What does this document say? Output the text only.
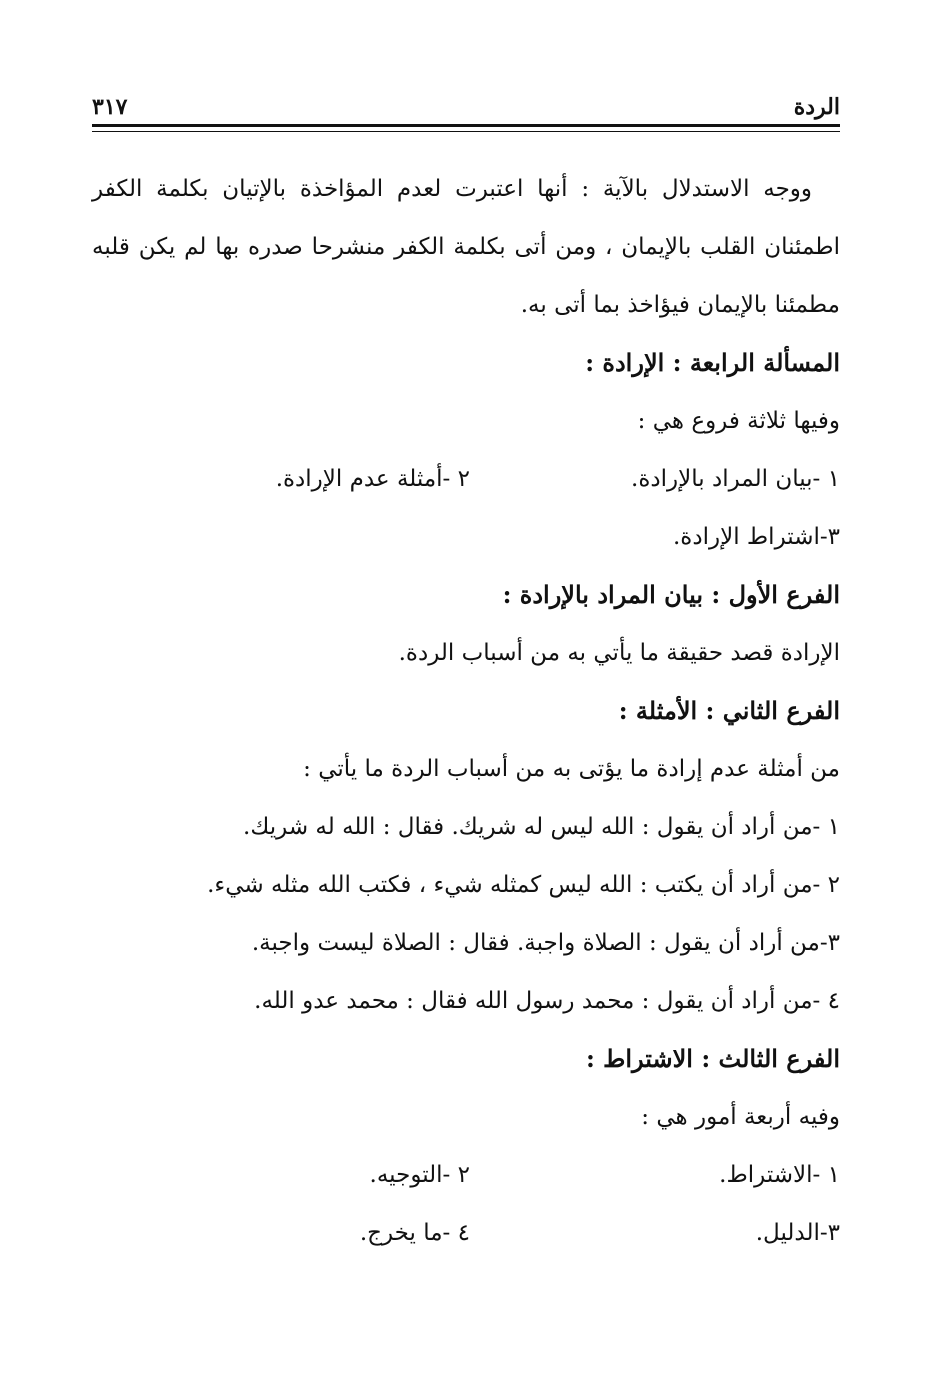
الردة
٣١٧
ووجه الاستدلال بالآية : أنها اعتبرت لعدم المؤاخذة بالإتيان بكلمة الكفر
اطمئنان القلب بالإيمان ، ومن أتى بكلمة الكفر منشرحا صدره بها لم يكن قلبه
مطمئنا بالإيمان فيؤاخذ بما أتى به.
المسألة الرابعة : الإرادة :
وفيها ثلاثة فروع هي :
١ -بيان المراد بالإرادة.
٢ -أمثلة عدم الإرادة.
٣-اشتراط الإرادة.
الفرع الأول : بيان المراد بالإرادة :
الإرادة قصد حقيقة ما يأتي به من أسباب الردة.
الفرع الثاني : الأمثلة :
من أمثلة عدم إرادة ما يؤتى به من أسباب الردة ما يأتي :
١ -من أراد أن يقول : الله ليس له شريك. فقال : الله له شريك.
٢ -من أراد أن يكتب : الله ليس كمثله شيء ، فكتب الله مثله شيء.
٣-من أراد أن يقول : الصلاة واجبة. فقال : الصلاة ليست واجبة.
٤ -من أراد أن يقول : محمد رسول الله فقال : محمد عدو الله.
الفرع الثالث : الاشتراط :
وفيه أربعة أمور هي :
١ -الاشتراط.
٢ -التوجيه.
٣-الدليل.
٤ -ما يخرج.
